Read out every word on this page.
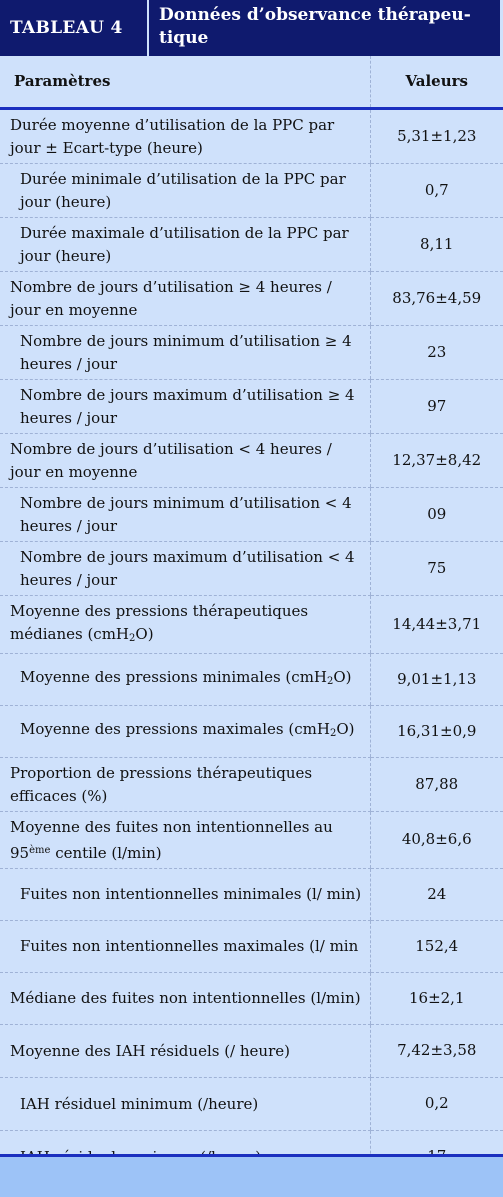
TABLEAU 4
Données d’observance thérapeu-tique
Paramètres	Valeurs
Durée moyenne d’utilisation de la PPC par jour ± Ecart-type (heure)	5,31±1,23
Durée minimale d’utilisation de la PPC par jour (heure)	0,7
Durée maximale d’utilisation de la PPC par jour (heure)	8,11
Nombre de jours d’utilisation ≥ 4 heures / jour en moyenne	83,76±4,59
Nombre de jours minimum d’utilisation ≥ 4 heures / jour	23
Nombre de jours maximum d’utilisation ≥ 4 heures / jour	97
Nombre de jours d’utilisation < 4 heures / jour en moyenne	12,37±8,42
Nombre de jours minimum d’utilisation < 4 heures / jour	09
Nombre de jours maximum d’utilisation < 4 heures / jour	75
Moyenne des pressions thérapeutiques médianes (cmH$_2$O)	14,44±3,71
Moyenne des pressions minimales (cmH$_2$O)	9,01±1,13
Moyenne des pressions maximales (cmH$_2$O)	16,31±0,9
Proportion de pressions thérapeutiques efficaces (%)	87,88
Moyenne des fuites non intentionnelles au 95ème centile (l/min)	40,8±6,6
Fuites non intentionnelles minimales (l/ min)	24
Fuites non intentionnelles maximales (l/ min	152,4
Médiane des fuites non intentionnelles (l/min)	16±2,1
Moyenne des IAH résiduels (/ heure)	7,42±3,58
IAH résiduel minimum (/heure)	0,2
